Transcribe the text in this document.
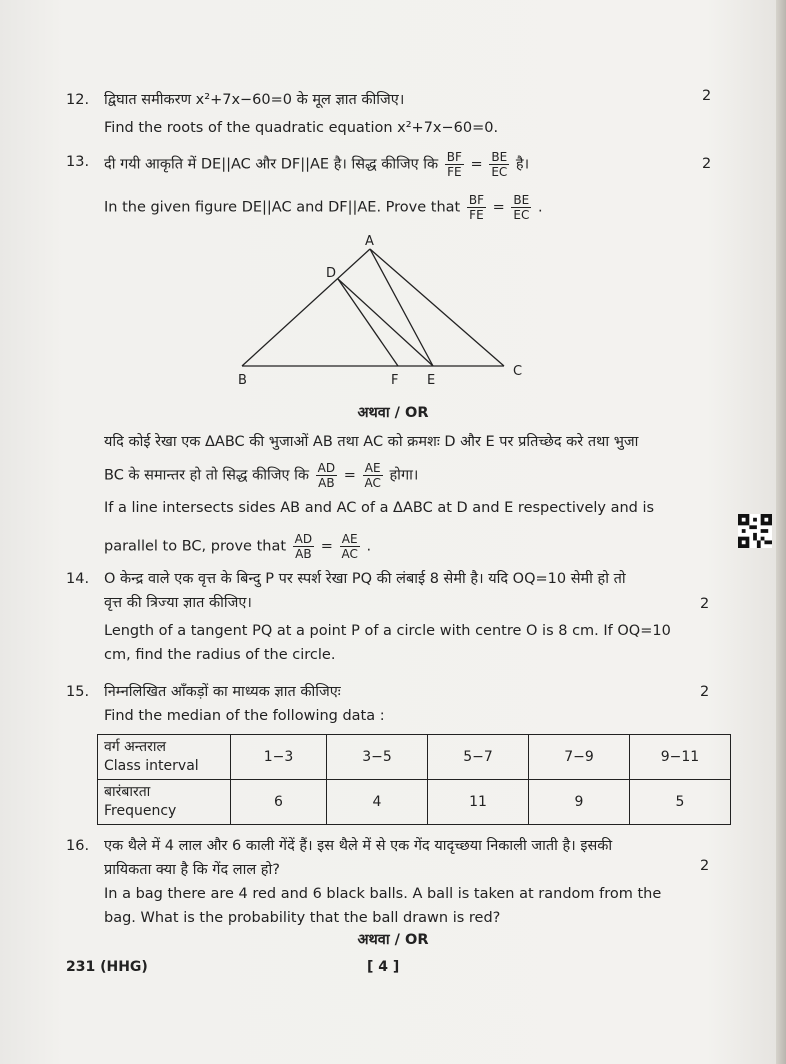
12.	द्विघात समीकरण x²+7x−60=0 के मूल ज्ञात कीजिए।
Find the roots of the quadratic equation x²+7x−60=0.
2
13.	दी गयी आकृति में DE||AC और DF||AE है। सिद्ध कीजिए कि $\frac{BF}{FE} = \frac{BE}{EC}$ है।
In the given figure DE||AC and DF||AE. Prove that $\frac{BF}{FE} = \frac{BE}{EC}$ .
2
A
D
B	F E
C
अथवा / OR
यदि कोई रेखा एक ΔABC की भुजाओं AB तथा AC को क्रमशः D और E पर प्रतिच्छेद करे तथा भुजा
BC के समान्तर हो तो सिद्ध कीजिए कि $\frac{AD}{AB} = \frac{AE}{AC}$ होगा।
If a line intersects sides AB and AC of a ΔABC at D and E respectively and is
parallel to BC, prove that $\frac{AD}{AB} = \frac{AE}{AC}$ .
14.	O केन्द्र वाले एक वृत्त के बिन्दु P पर स्पर्श रेखा PQ की लंबाई 8 सेमी है। यदि OQ=10 सेमी हो तो
वृत्त की त्रिज्या ज्ञात कीजिए।
Length of a tangent PQ at a point P of a circle with centre O is 8 cm. If OQ=10
cm, find the radius of the circle.
2
15.	निम्नलिखित आँकड़ों का माध्यक ज्ञात कीजिएः
Find the median of the following data :
2
वर्ग अन्तराल
Class interval	1−3	3−5	5−7	7−9	9−11

बारंबारता
Frequency	6	4	11	9	5
16.	एक थैले में 4 लाल और 6 काली गेंदें हैं। इस थैले में से एक गेंद यादृच्छया निकाली जाती है। इसकी
प्रायिकता क्या है कि गेंद लाल हो?
In a bag there are 4 red and 6 black balls. A ball is taken at random from the
bag. What is the probability that the ball drawn is red?
2
अथवा / OR
231 (HHG)	[ 4 ]
